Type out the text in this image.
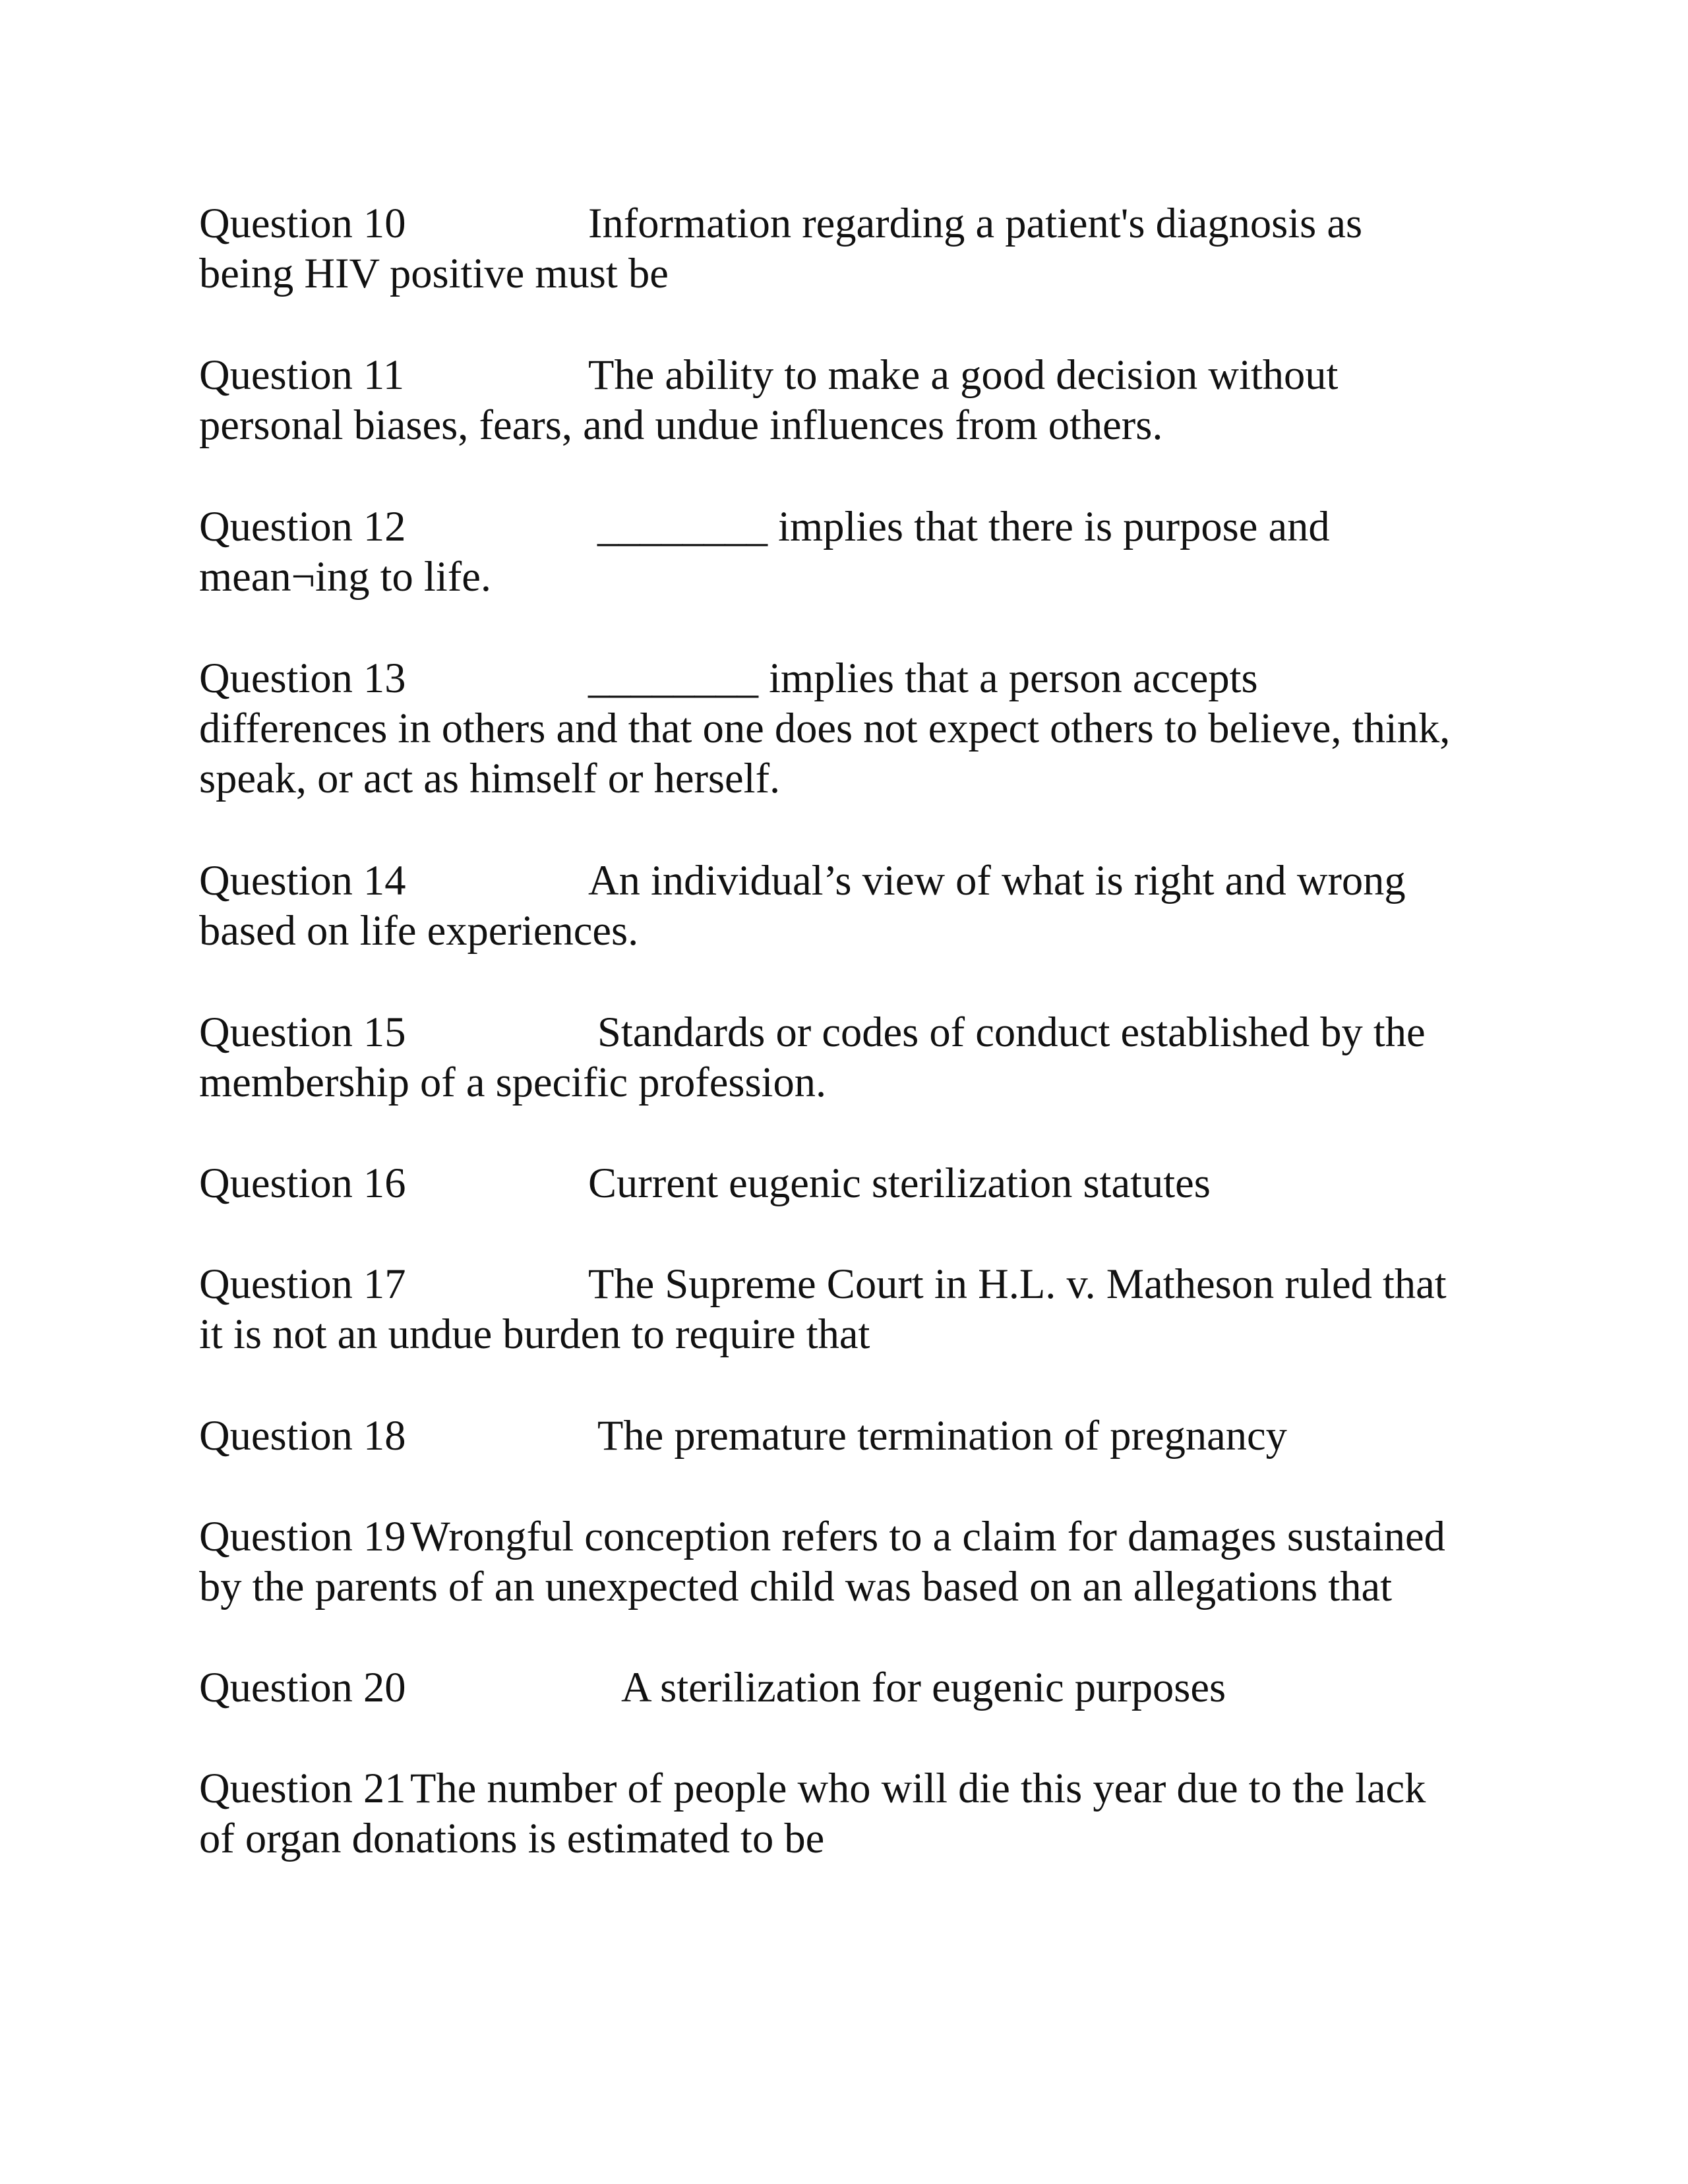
Question 10	Information regarding a patient's diagnosis as
being HIV positive must be
Question 11	The ability to make a good decision without
personal biases, fears, and undue influences from others.
Question 12	________ implies that there is purpose and
mean¬ing to life.
Question 13	________ implies that a person accepts
differences in others and that one does not expect others to believe, think,
speak, or act as himself or herself.
Question 14	An individual’s view of what is right and wrong
based on life experiences.
Question 15	Standards or codes of conduct established by the
membership of a specific profession.
Question 16	Current eugenic sterilization statutes
Question 17	The Supreme Court in H.L. v. Matheson ruled that
it is not an undue burden to require that
Question 18	The premature termination of pregnancy
Question 19 Wrongful conception refers to a claim for damages sustained
by the parents of an unexpected child was based on an allegations that
Question 20	A sterilization for eugenic purposes
Question 21 The number of people who will die this year due to the lack
of organ donations is estimated to be
